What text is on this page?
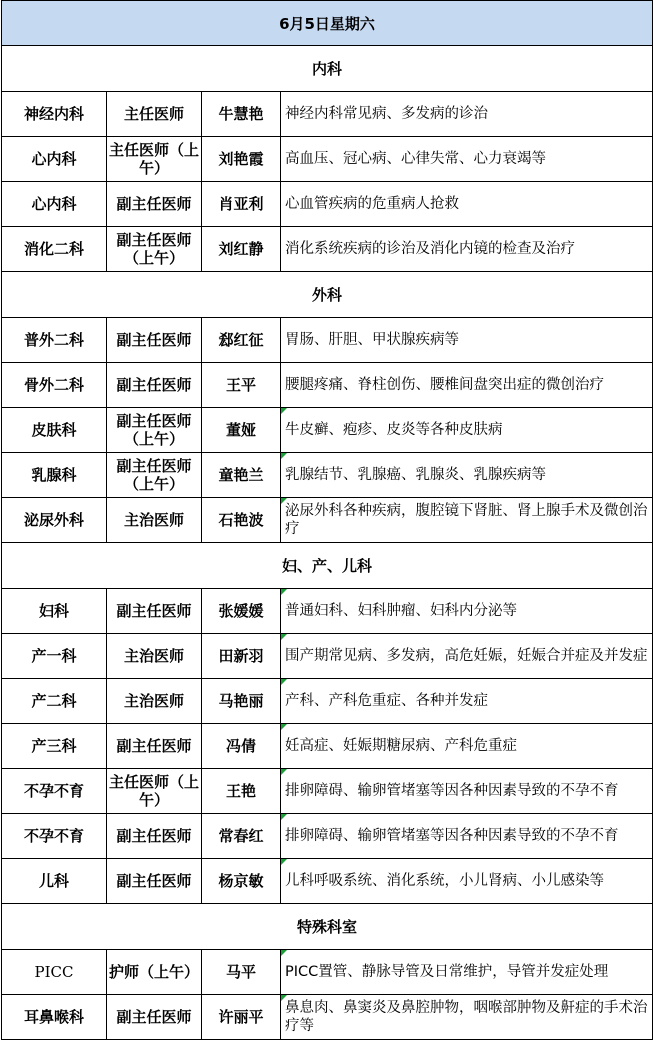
6月5日星期六			
内科			
神经内科	主任医师	牛慧艳	神经内科常见病、多发病的诊治
心内科	主任医师（上午）	刘艳霞	高血压、冠心病、心律失常、心力衰竭等
心内科	副主任医师	肖亚利	心血管疾病的危重病人抢救
消化二科	副主任医师（上午）	刘红静	消化系统疾病的诊治及消化内镜的检查及治疗
外科			
普外二科	副主任医师	郄红征	胃肠、肝胆、甲状腺疾病等
骨外二科	副主任医师	王平	腰腿疼痛、脊柱创伤、腰椎间盘突出症的微创治疗
皮肤科	副主任医师（上午）	董娅	牛皮癣、疱疹、皮炎等各种皮肤病
乳腺科	副主任医师（上午）	童艳兰	乳腺结节、乳腺癌、乳腺炎、乳腺疾病等
泌尿外科	主治医师	石艳波	泌尿外科各种疾病，腹腔镜下肾脏、肾上腺手术及微创治疗
妇、产、儿科			
妇科	副主任医师	张媛媛	普通妇科、妇科肿瘤、妇科内分泌等
产一科	主治医师	田新羽	围产期常见病、多发病，高危妊娠，妊娠合并症及并发症
产二科	主治医师	马艳丽	产科、产科危重症、各种并发症
产三科	副主任医师	冯倩	妊高症、妊娠期糖尿病、产科危重症
不孕不育	主任医师（上午）	王艳	排卵障碍、输卵管堵塞等因各种因素导致的不孕不育
不孕不育	副主任医师	常春红	排卵障碍、输卵管堵塞等因各种因素导致的不孕不育
儿科	副主任医师	杨京敏	儿科呼吸系统、消化系统，小儿肾病、小儿感染等
特殊科室			
PICC	护师（上午）	马平	PICC置管、静脉导管及日常维护，导管并发症处理
耳鼻喉科	副主任医师	许丽平	鼻息肉、鼻窦炎及鼻腔肿物，咽喉部肿物及鼾症的手术治疗等
